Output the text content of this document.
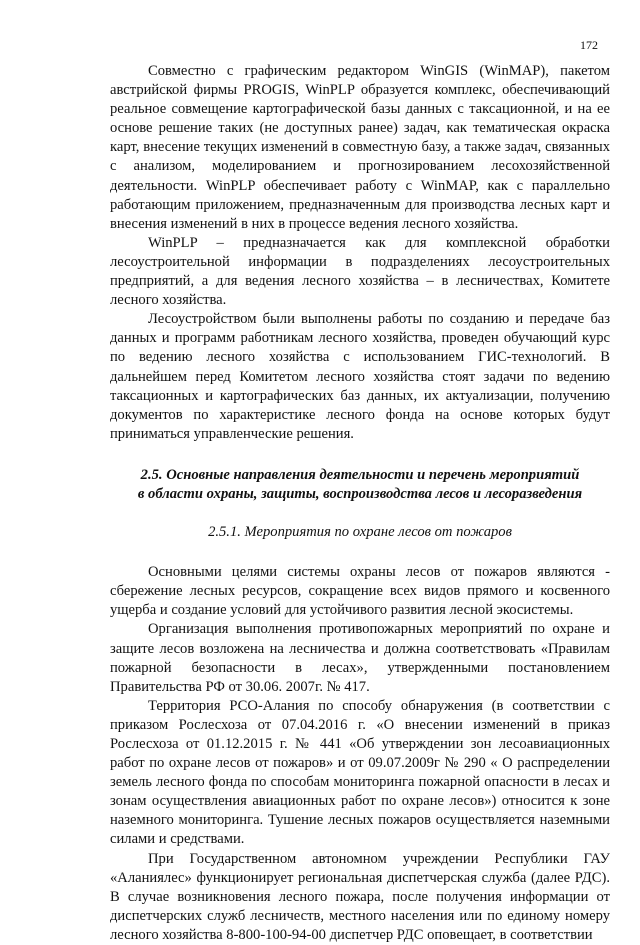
172

Совместно с графическим редактором WinGIS (WinMAP), пакетом австрийской фирмы PROGIS, WinPLP образуется комплекс, обеспечивающий реальное совмещение картографической базы данных с таксационной, и на ее основе решение таких (не доступных ранее) задач, как тематическая окраска карт, внесение текущих изменений в совместную базу, а также задач, связанных с анализом, моделированием и прогнозированием лесохозяйственной деятельности. WinPLP обеспечивает работу с WinMAP, как с параллельно работающим приложением, предназначенным для производства лесных карт и внесения изменений в них в процессе ведения лесного хозяйства.

WinPLP – предназначается как для комплексной обработки лесоустроительной информации в подразделениях лесоустроительных предприятий, а для ведения лесного хозяйства – в лесничествах, Комитете лесного хозяйства.

Лесоустройством были выполнены работы по созданию и передаче баз данных и программ работникам лесного хозяйства, проведен обучающий курс по ведению лесного хозяйства с использованием ГИС-технологий. В дальнейшем перед Комитетом лесного хозяйства стоят задачи по ведению таксационных и картографических баз данных, их актуализации, получению документов по характеристике лесного фонда на основе которых будут приниматься управленческие решения.

2.5. Основные направления деятельности и перечень мероприятий
в области охраны, защиты, воспроизводства лесов и лесоразведения
2.5.1. Мероприятия по охране лесов от пожаров

Основными целями системы охраны лесов от пожаров являются - сбережение лесных ресурсов, сокращение всех видов прямого и косвенного ущерба и создание условий для устойчивого развития лесной экосистемы.

Организация выполнения противопожарных мероприятий по охране и защите лесов возложена на лесничества и должна соответствовать «Правилам пожарной безопасности в лесах», утвержденными постановлением Правительства РФ от 30.06. 2007г. № 417.

Территория РСО-Алания по способу обнаружения (в соответствии с приказом Рослесхоза от 07.04.2016 г. «О внесении изменений в приказ Рослесхоза от 01.12.2015 г. № 441 «Об утверждении зон лесоавиационных работ по охране лесов от пожаров» и от 09.07.2009г № 290 « О распределении земель лесного фонда по способам мониторинга пожарной опасности в лесах и зонам осуществления авиационных работ по охране лесов») относится к зоне наземного мониторинга. Тушение лесных пожаров осуществляется наземными силами и средствами.

При Государственном автономном учреждении Республики ГАУ «Аланиялес» функционирует региональная диспетчерская служба (далее РДС). В случае возникновения лесного пожара, после получения информации от диспетчерских служб лесничеств, местного населения или по единому номеру лесного хозяйства 8-800-100-94-00 диспетчер РДС оповещает, в соответствии
